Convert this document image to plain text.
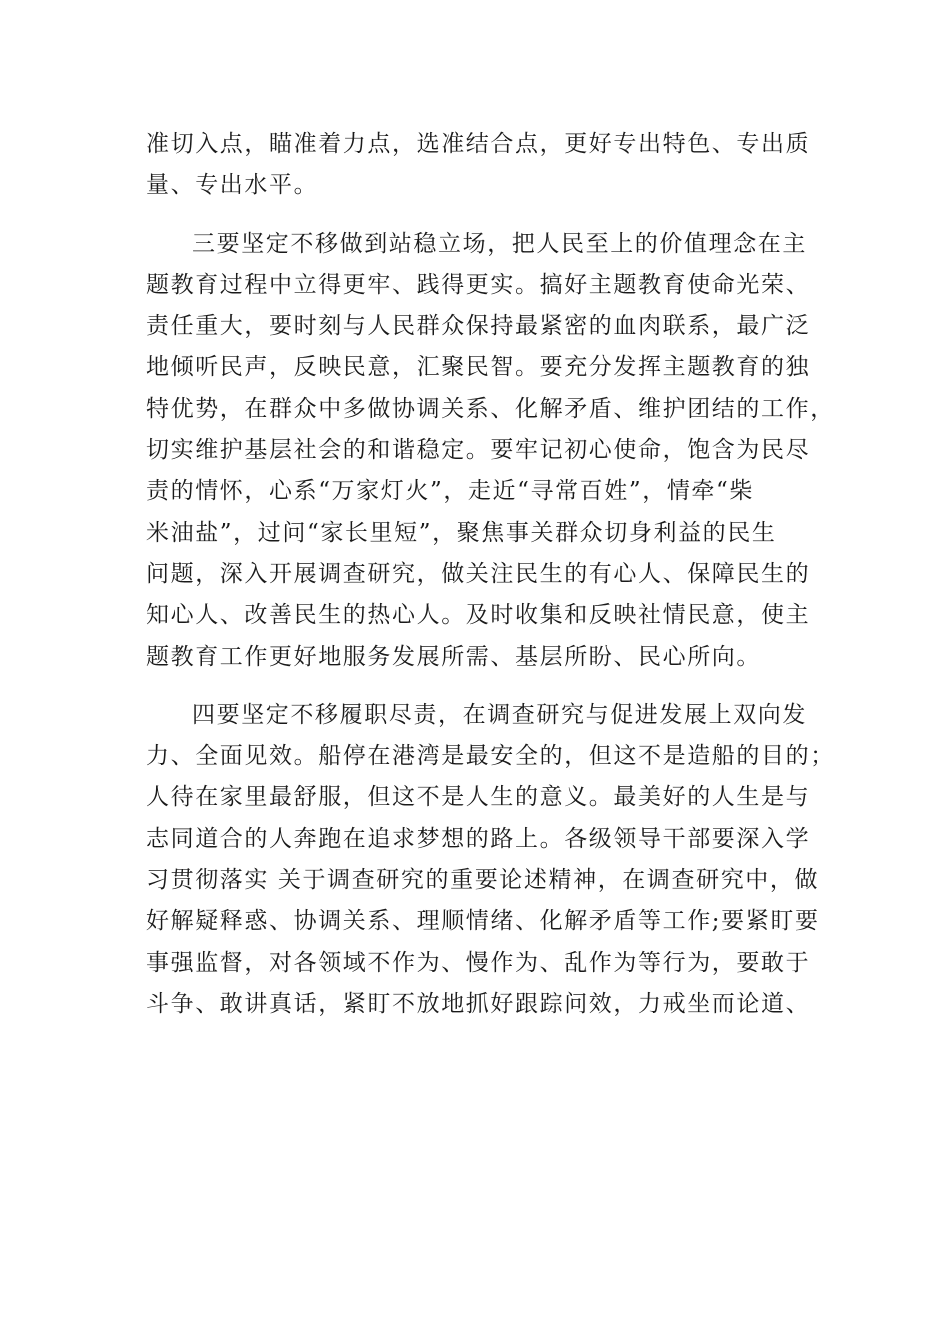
准切入点，瞄准着力点，选准结合点，更好专出特色、专出质
量、专出水平。
三要坚定不移做到站稳立场，把人民至上的价值理念在主
题教育过程中立得更牢、践得更实。搞好主题教育使命光荣、
责任重大，要时刻与人民群众保持最紧密的血肉联系，最广泛
地倾听民声，反映民意，汇聚民智。要充分发挥主题教育的独
特优势，在群众中多做协调关系、化解矛盾、维护团结的工作，
切实维护基层社会的和谐稳定。要牢记初心使命，饱含为民尽
责的情怀，心系“万家灯火”，走近“寻常百姓”，情牵“柴
米油盐”，过问“家长里短”，聚焦事关群众切身利益的民生
问题，深入开展调查研究，做关注民生的有心人、保障民生的
知心人、改善民生的热心人。及时收集和反映社情民意，使主
题教育工作更好地服务发展所需、基层所盼、民心所向。
四要坚定不移履职尽责，在调查研究与促进发展上双向发
力、全面见效。船停在港湾是最安全的，但这不是造船的目的；
人待在家里最舒服，但这不是人生的意义。最美好的人生是与
志同道合的人奔跑在追求梦想的路上。各级领导干部要深入学
习贯彻落实 关于调查研究的重要论述精神，在调查研究中，做
好解疑释惑、协调关系、理顺情绪、化解矛盾等工作;要紧盯要
事强监督，对各领域不作为、慢作为、乱作为等行为，要敢于
斗争、敢讲真话，紧盯不放地抓好跟踪问效，力戒坐而论道、
